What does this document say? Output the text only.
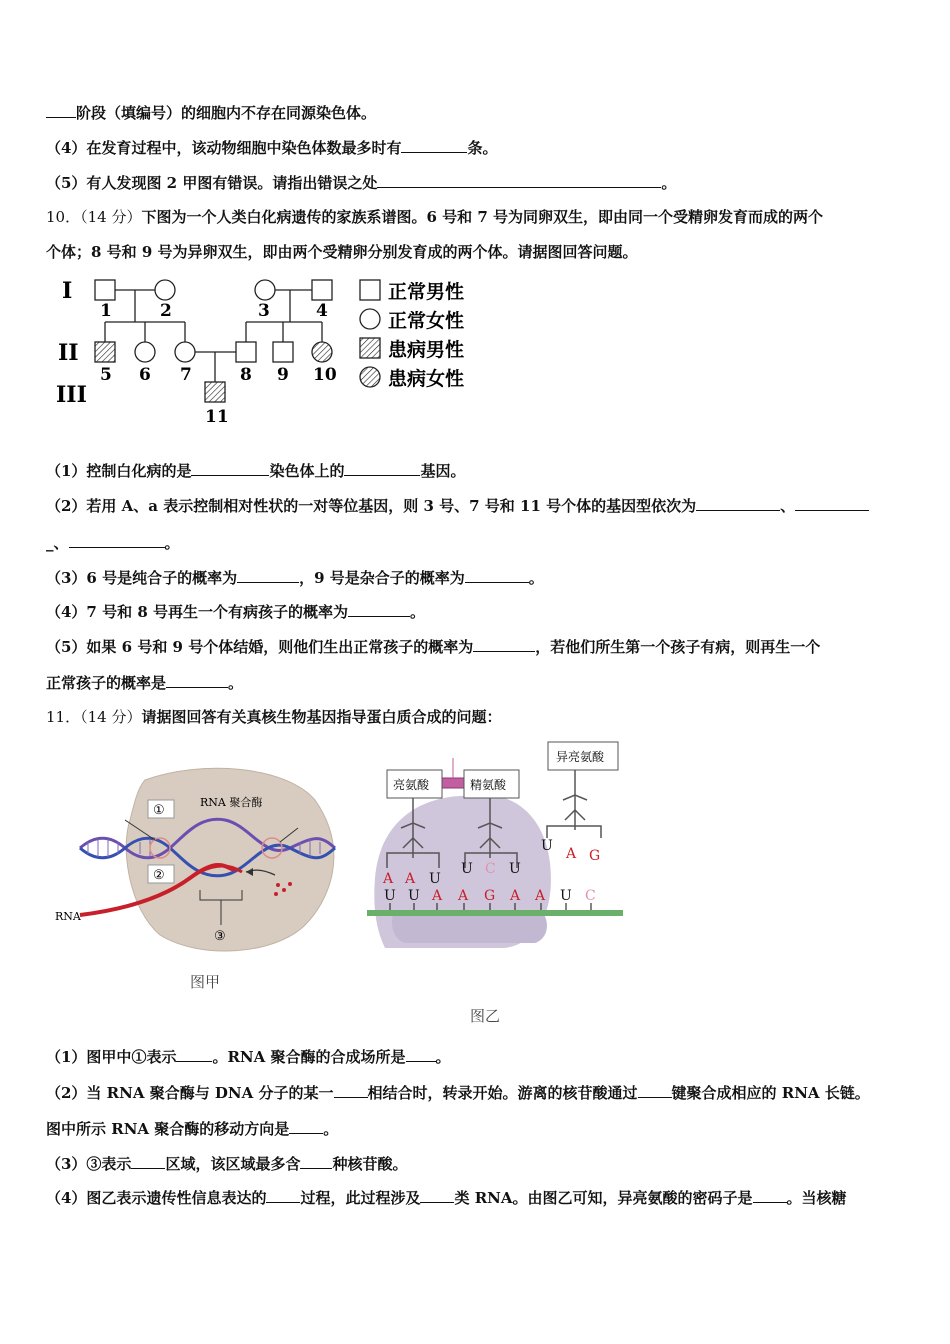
阶段（填编号）的细胞内不存在同源染色体。
（4）在发育过程中，该动物细胞中染色体数最多时有	条。
（5）有人发现图 2 甲图有错误。请指出错误之处	。
10．（14 分）下图为一个人类白化病遗传的家族系谱图。6 号和 7 号为同卵双生，即由同一个受精卵发育而成的两个
个体；8 号和 9 号为异卵双生，即由两个受精卵分别发育成的两个体。请据图回答问题。
I
II
III
1	2	3	4
5 6 7	8 9 10
11
正常男性
正常女性
患病男性
患病女性
（1）控制白化病的是	染色体上的	基因。
（2）若用 A、a 表示控制相对性状的一对等位基因，则 3 号、7 号和 11 号个体的基因型依次为	、
_、	。
（3）6 号是纯合子的概率为	，9 号是杂合子的概率为	。
（4）7 号和 8 号再生一个有病孩子的概率为	。
（5）如果 6 号和 9 号个体结婚，则他们生出正常孩子的概率为	，若他们所生第一个孩子有病，则再生一个
正常孩子的概率是	。
11．（14 分）请据图回答有关真核生物基因指导蛋白质合成的问题：
RNA
①
②
RNA 聚合酶
③
图甲
亮氨酸	精氨酸
异亮氨酸
A A U
U C U
U A G
U U A A G A A U C
图乙
（1）图甲中①表示 。RNA 聚合酶的合成场所是 。
（2）当 RNA 聚合酶与 DNA 分子的某一 相结合时，转录开始。游离的核苷酸通过 键聚合成相应的 RNA 长链。
图中所示 RNA 聚合酶的移动方向是 。
（3）③表示 区域，该区域最多含 种核苷酸。
（4）图乙表示遗传性信息表达的 过程，此过程涉及 类 RNA。由图乙可知，异亮氨酸的密码子是 。当核糖
